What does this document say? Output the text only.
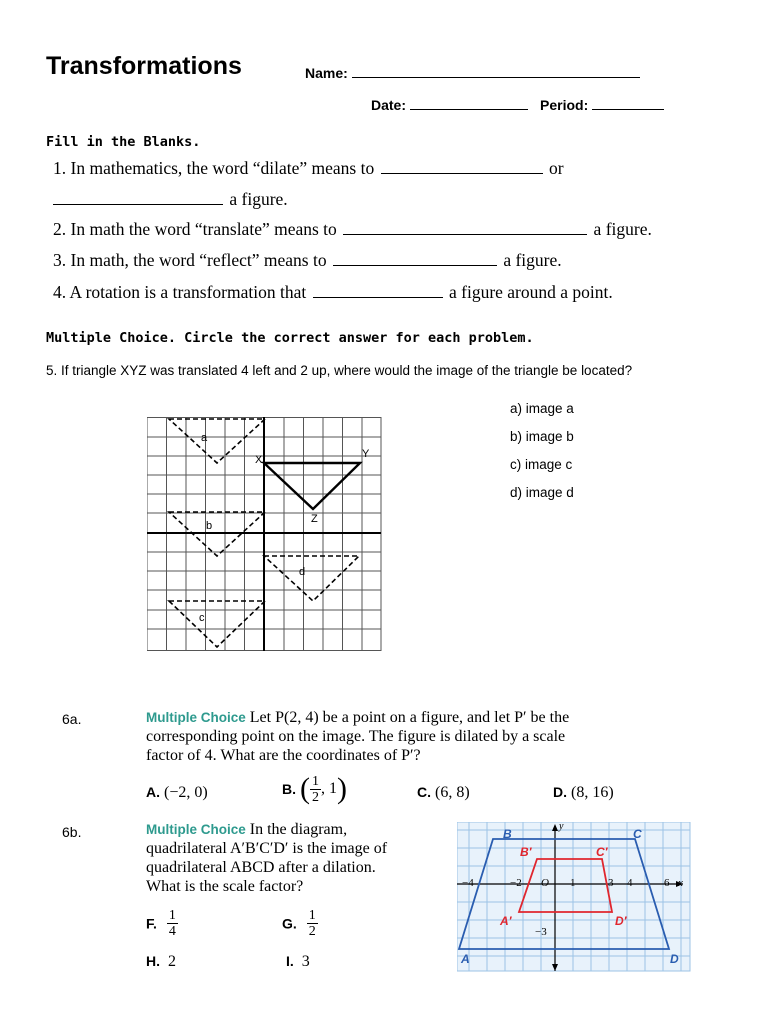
Transformations	Name:
Date:	Period:
Fill in the Blanks.
1. In mathematics, the word “dilate” means to	or
a figure.
2. In math the word “translate” means to	a figure.
3. In math, the word “reflect” means to	a figure.
4. A rotation is a transformation that	a figure around a point.
Multiple Choice. Circle the correct answer for each problem.
5. If triangle XYZ was translated 4 left and 2 up, where would the image of the triangle be located?
a) image a
b) image b
c) image c
d) image d
a
b
c
d
X	Y
Z
6a.	Multiple Choice Let P(2, 4) be a point on a figure, and let P′ be the
corresponding point on the image. The figure is dilated by a scale
factor of 4. What are the coordinates of P′?
A. (−2, 0)	B. ( $\frac{1}{2}$ , 1)	C. (6, 8)	D. (8, 16)
6b.	Multiple Choice In the diagram,
quadrilateral A′B′C′D′ is the image of
quadrilateral ABCD after a dilation.
What is the scale factor?
F. $\frac{1}{4}$	G. $\frac{1}{2}$
H. 2	I. 3
B	C
A	D
B′	C′
A′	D′
−4	−2 O 1	3 4	6 x
y
−3
